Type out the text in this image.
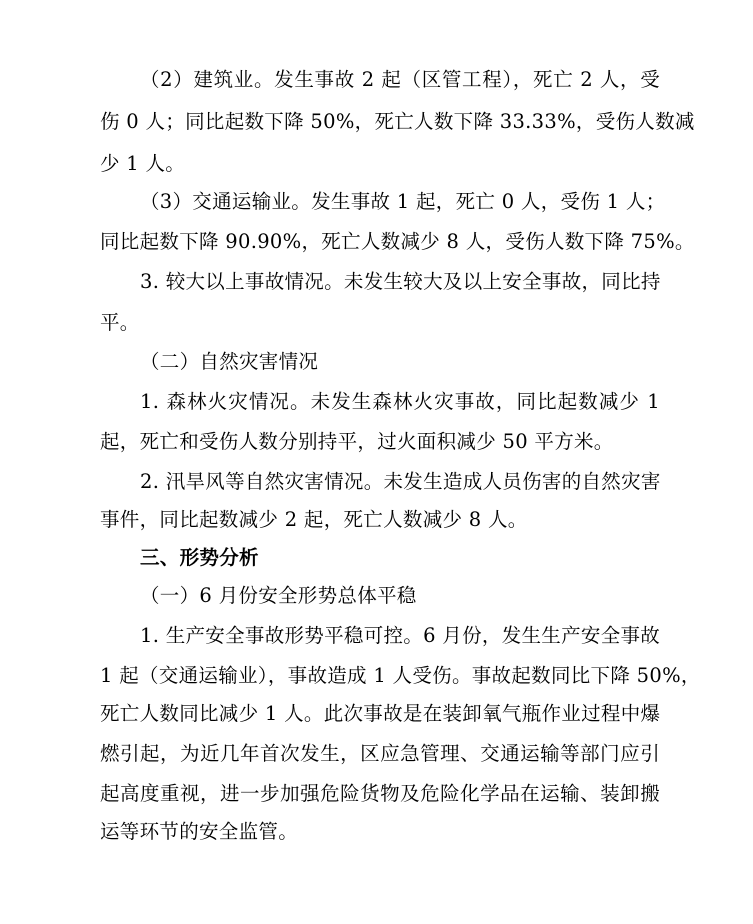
（2）建筑业。发生事故 2 起（区管工程），死亡 2 人，受
伤 0 人；同比起数下降 50%，死亡人数下降 33.33%，受伤人数减
少 1 人。
（3）交通运输业。发生事故 1 起，死亡 0 人，受伤 1 人；
同比起数下降 90.90%，死亡人数减少 8 人，受伤人数下降 75%。
3. 较大以上事故情况。未发生较大及以上安全事故，同比持
平。
（二）自然灾害情况
1. 森林火灾情况。未发生森林火灾事故，同比起数减少 1
起，死亡和受伤人数分别持平，过火面积减少 50 平方米。
2. 汛旱风等自然灾害情况。未发生造成人员伤害的自然灾害
事件，同比起数减少 2 起，死亡人数减少 8 人。
三、形势分析
（一）6 月份安全形势总体平稳
1. 生产安全事故形势平稳可控。6 月份，发生生产安全事故
1 起（交通运输业），事故造成 1 人受伤。事故起数同比下降 50%，
死亡人数同比减少 1 人。此次事故是在装卸氧气瓶作业过程中爆
燃引起，为近几年首次发生，区应急管理、交通运输等部门应引
起高度重视，进一步加强危险货物及危险化学品在运输、装卸搬
运等环节的安全监管。
